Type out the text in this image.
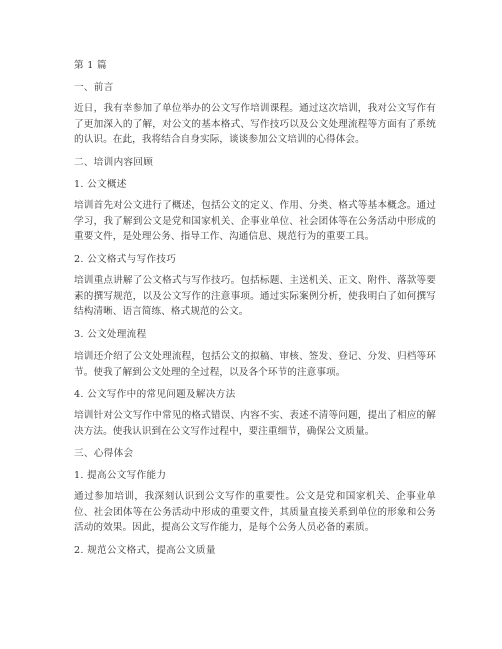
第 1 篇

一、前言

近日，我有幸参加了单位举办的公文写作培训课程。通过这次培训，我对公文写作有了更加深入的了解，对公文的基本格式、写作技巧以及公文处理流程等方面有了系统的认识。在此，我将结合自身实际，谈谈参加公文培训的心得体会。

二、培训内容回顾

1. 公文概述

培训首先对公文进行了概述，包括公文的定义、作用、分类、格式等基本概念。通过学习，我了解到公文是党和国家机关、企事业单位、社会团体等在公务活动中形成的重要文件，是处理公务、指导工作、沟通信息、规范行为的重要工具。

2. 公文格式与写作技巧

培训重点讲解了公文格式与写作技巧。包括标题、主送机关、正文、附件、落款等要素的撰写规范，以及公文写作的注意事项。通过实际案例分析，使我明白了如何撰写结构清晰、语言简练、格式规范的公文。

3. 公文处理流程

培训还介绍了公文处理流程，包括公文的拟稿、审核、签发、登记、分发、归档等环节。使我了解到公文处理的全过程，以及各个环节的注意事项。

4. 公文写作中的常见问题及解决方法

培训针对公文写作中常见的格式错误、内容不实、表述不清等问题，提出了相应的解决方法。使我认识到在公文写作过程中，要注重细节，确保公文质量。

三、心得体会

1. 提高公文写作能力

通过参加培训，我深刻认识到公文写作的重要性。公文是党和国家机关、企事业单位、社会团体等在公务活动中形成的重要文件，其质量直接关系到单位的形象和公务活动的效果。因此，提高公文写作能力，是每个公务人员必备的素质。

2. 规范公文格式，提高公文质量
